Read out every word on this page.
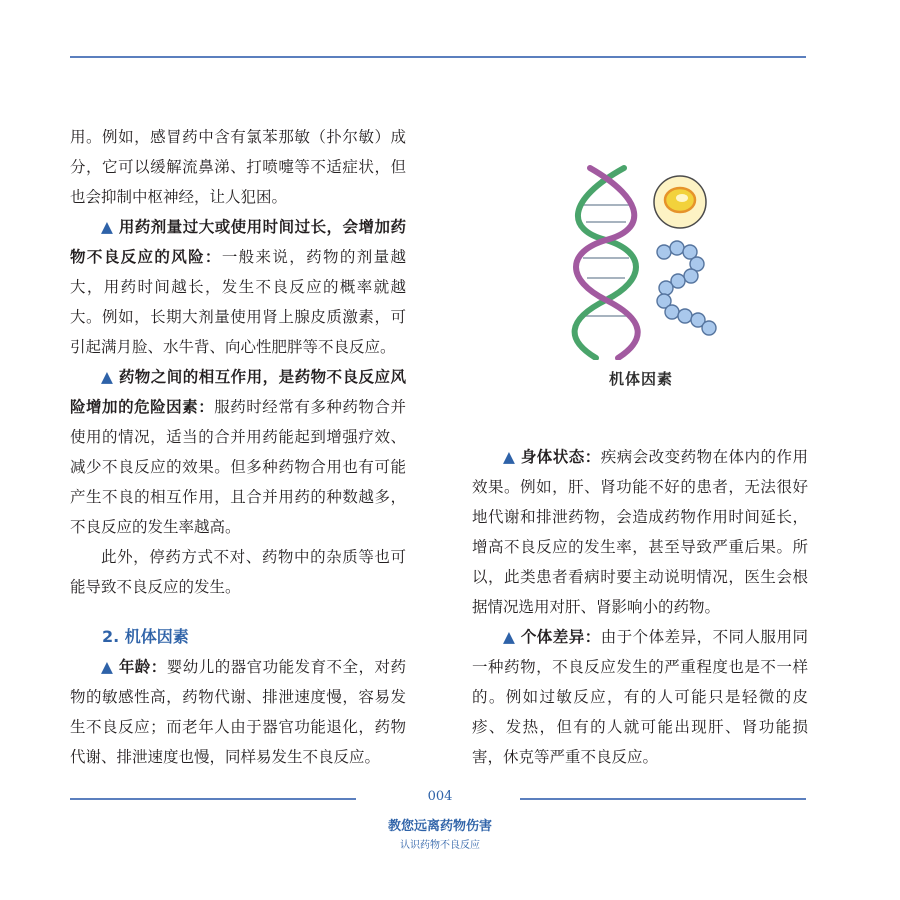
用。例如，感冒药中含有氯苯那敏（扑尔敏）成分，它可以缓解流鼻涕、打喷嚏等不适症状，但也会抑制中枢神经，让人犯困。

▲ 用药剂量过大或使用时间过长，会增加药物不良反应的风险：一般来说，药物的剂量越大，用药时间越长，发生不良反应的概率就越大。例如，长期大剂量使用肾上腺皮质激素，可引起满月脸、水牛背、向心性肥胖等不良反应。

▲ 药物之间的相互作用，是药物不良反应风险增加的危险因素：服药时经常有多种药物合并使用的情况，适当的合并用药能起到增强疗效、减少不良反应的效果。但多种药物合用也有可能产生不良的相互作用，且合并用药的种数越多，不良反应的发生率越高。

此外，停药方式不对、药物中的杂质等也可能导致不良反应的发生。

2. 机体因素

▲ 年龄：婴幼儿的器官功能发育不全，对药物的敏感性高，药物代谢、排泄速度慢，容易发生不良反应；而老年人由于器官功能退化，药物代谢、排泄速度也慢，同样易发生不良反应。

机体因素

▲ 身体状态：疾病会改变药物在体内的作用效果。例如，肝、肾功能不好的患者，无法很好地代谢和排泄药物，会造成药物作用时间延长，增高不良反应的发生率，甚至导致严重后果。所以，此类患者看病时要主动说明情况，医生会根据情况选用对肝、肾影响小的药物。

▲ 个体差异：由于个体差异，不同人服用同一种药物，不良反应发生的严重程度也是不一样的。例如过敏反应，有的人可能只是轻微的皮疹、发热，但有的人就可能出现肝、肾功能损害，休克等严重不良反应。

004
教您远离药物伤害
认识药物不良反应
